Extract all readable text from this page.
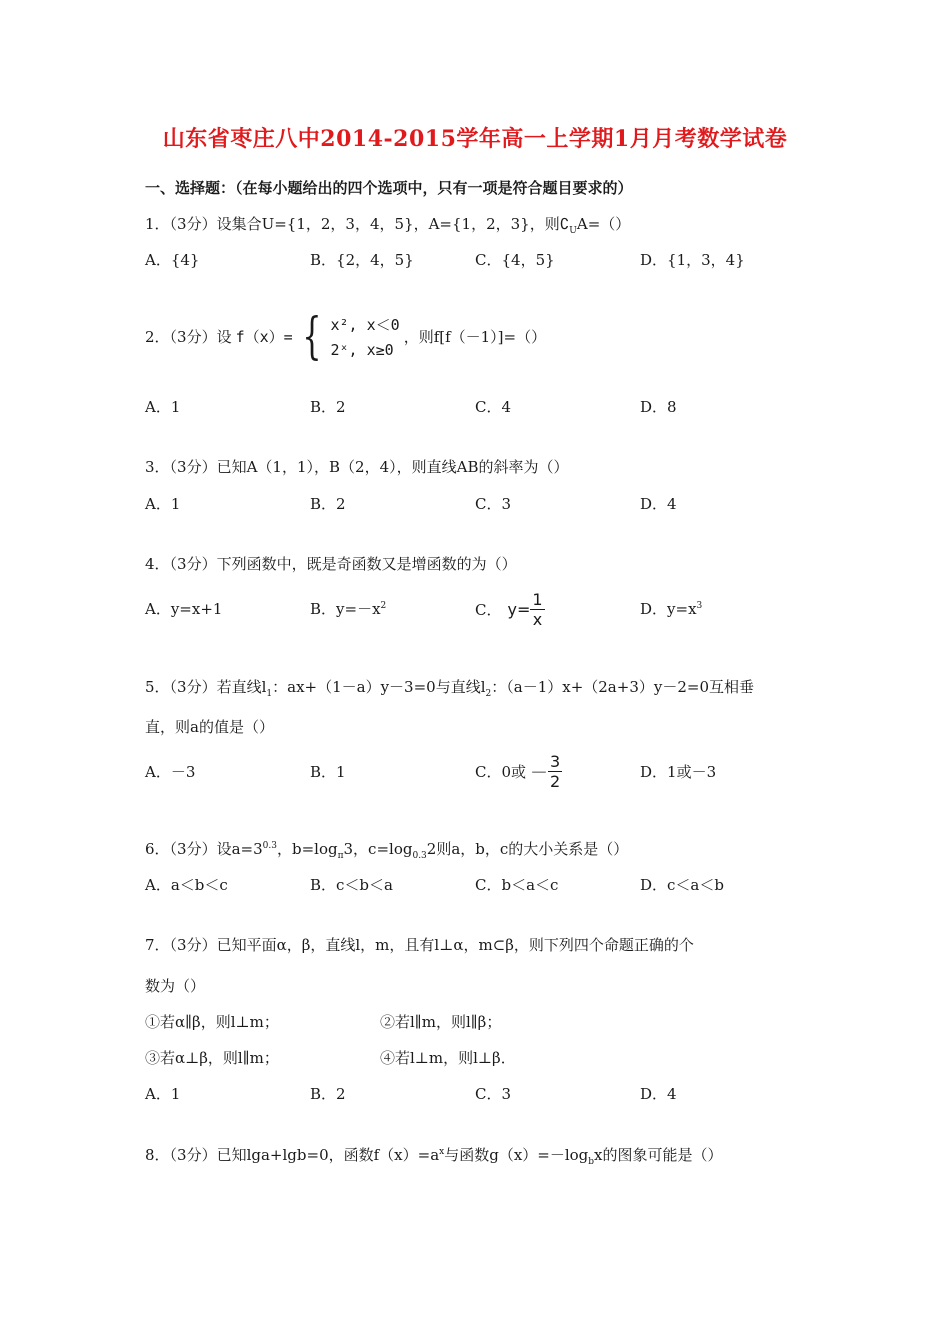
山东省枣庄八中2014-2015学年高一上学期1月月考数学试卷
一、选择题：（在每小题给出的四个选项中，只有一项是符合题目要求的）
1．（3分）设集合U={1，2，3，4，5}，A={1，2，3}，则$∁_UA=()$
A．{4}	B．{2，4，5}	C．{4，5}	D．{1，3，4}
2．（3分）设 f（x）= { x², x＜0
2ˣ, x≥0
，则f[f（－1）]=（）
A．1	B．2	C．4	D．8
3．（3分）已知A（1，1），B（2，4），则直线AB的斜率为（）
A．1	B．2	C．3	D．4
4．（3分）下列函数中，既是奇函数又是增函数的为（）
A．y=x+1	B．$y=-x^2$	C． $y= \frac{1}{x}$	D．$y=x^3$
5．（3分）若直线$l_1$：ax+（1－a）y－3=0与直线$l_2$：（a－1）x+（2a+3）y－2=0互相垂
直，则a的值是（）
A．－3	B．1	C．0或 － $\frac{3}{2}$	D．1或－3
6．（3分）设$a=3^{0.3}$，$b=\log_\pi 3$，$c=\log_{0.3}2$则a，b，c的大小关系是（）
A．a＜b＜c	B．c＜b＜a	C．b＜a＜c	D．c＜a＜b
7．（3分）已知平面α，β，直线l，m，且有l⊥α，m⊂β，则下列四个命题正确的个
数为（）
①若α∥β，则l⊥m；	②若l∥m，则l∥β；
③若α⊥β，则l∥m；	④若l⊥m，则l⊥β．
A．1	B．2	C．3	D．4
8．（3分）已知lga+lgb=0，函数$f(x)=a^x$与函数$g(x)=-\log_bx$的图象可能是（）
